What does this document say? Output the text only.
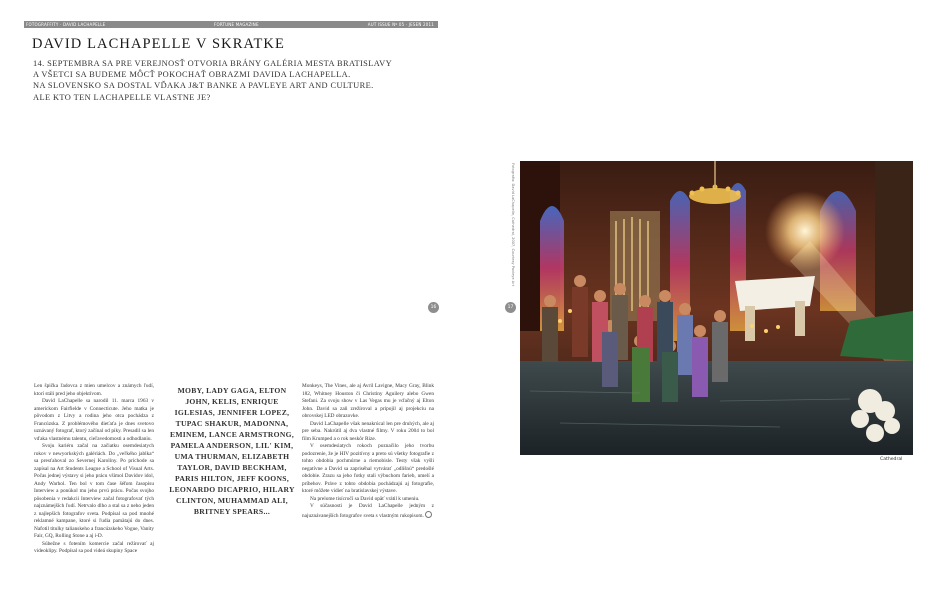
FOTOGRAFFITY · DAVID LACHAPELLE	FORTUNE MAGAZINE	AUT ISSUE Nº 05 · JESEŇ 2011
DAVID LACHAPELLE V SKRATKE
14. SEPTEMBRA SA PRE VEREJNOSŤ OTVORIA BRÁNY GALÉRIA MESTA BRATISLAVY
A VŠETCI SA BUDEME MÔCŤ POKOCHAŤ OBRAZMI DAVIDA LACHAPELLA.
NA SLOVENSKO SA DOSTAL VĎAKA J&T BANKE A PAVLEYE ART AND CULTURE.
ALE KTO TEN LACHAPELLE VLASTNE JE?
16	17
Fotografia: David LaChapelle, Cathedral, 2007, Courtesy Pavleye Art
Cathedral

Len špička ľadovca z mien umelcov a známych ľudí, ktorí stáli pred jeho objektívom.

David LaChapelle sa narodil 11. marca 1963 v americkom Fairfielde v Connecticute. Jeho matka je pôvodom z Litvy a rodina jeho otca pochádza z Francúzska. Z problémového dieťaťa je dnes svetovo uznávaný fotograf, ktorý začínal od piky. Presadil sa len vďaka vlastnému talentu, cieľavedomosti a odhodlaniu.

Svoju kariéru začal na začiatku osemdesiatych rokov v newyorkských galériách. Do „veľkého jablka“ sa presťahoval zo Severnej Karolíny. Po príchode sa zapísal na Art Students League a School of Visual Arts. Počas jednej výstavy si jeho prácu všimol Davidov idol, Andy Warhol. Ten bol v tom čase šéfom časopisu Interview a ponúkol mu jeho prvú prácu. Počas svojho pôsobenia v redakcii Interview začal fotografovať tých najznámejších ľudí. Netrvalo dlho a stal sa z neho jeden z najlepších fotografov sveta. Podpísal sa pod mnohé reklamné kampane, ktoré si ľudia pamätajú do dnes. Nafotil titulky talianskeho a francúzskeho Vogue, Vanity Fair, GQ, Rolling Stone a aj i-D.

Súbežne s fotením komercie začal režírovať aj videoklipy. Podpísal sa pod videá skupiny Space

MOBY, LADY GAGA, ELTON JOHN, KELIS, ENRIQUE IGLESIAS, JENNIFER LOPEZ, TUPAC SHAKUR, MADONNA, EMINEM, LANCE ARMSTRONG, PAMELA ANDERSON, LIL' KIM, UMA THURMAN, ELIZABETH TAYLOR, DAVID BECKHAM, PARIS HILTON, JEFF KOONS, LEONARDO DICAPRIO, HILARY CLINTON, MUHAMMAD ALI, BRITNEY SPEARS...

Monkeys, The Vines, ale aj Avril Lavigne, Macy Gray, Blink 182, Whitney Houston či Christiny Aguilery alebo Gwen Stefani. Za svoju show v Las Vegas mu je vďačný aj Elton John. David sa zaň zrežíroval a pripojil aj projekciu na obrovskej LED obrazovke.

David LaChapelle však nenakrúcal len pre druhých, ale aj pre seba. Nakrútil aj dva vlastné filmy. V roku 2004 to bol film Krumped a o rok neskôr Rize.

V osemdesiatych rokoch poznačilo jeho tvorbu podozrenie, že je HIV pozitívny a preto sú všetky fotografie z tohto obdobia pochmúrne a riemobisle. Testy však vyšli negatívne a David sa zapriséhal vytvárať „odlišnú“ predošlé obdobie. Zrazu sa jeho fotky stali výbuchom farieb, umelí a príbehov. Práve z tohto obdobia pochádzajú aj fotografie, ktoré môžete vidieť na bratislavskej výstave.

Na prelome tisícročí sa David opäť vrátil k umeniu.

V súčasnosti je David LaChapelle jedným z najuznávanejších fotografov sveta s vlastným rukopisom.
